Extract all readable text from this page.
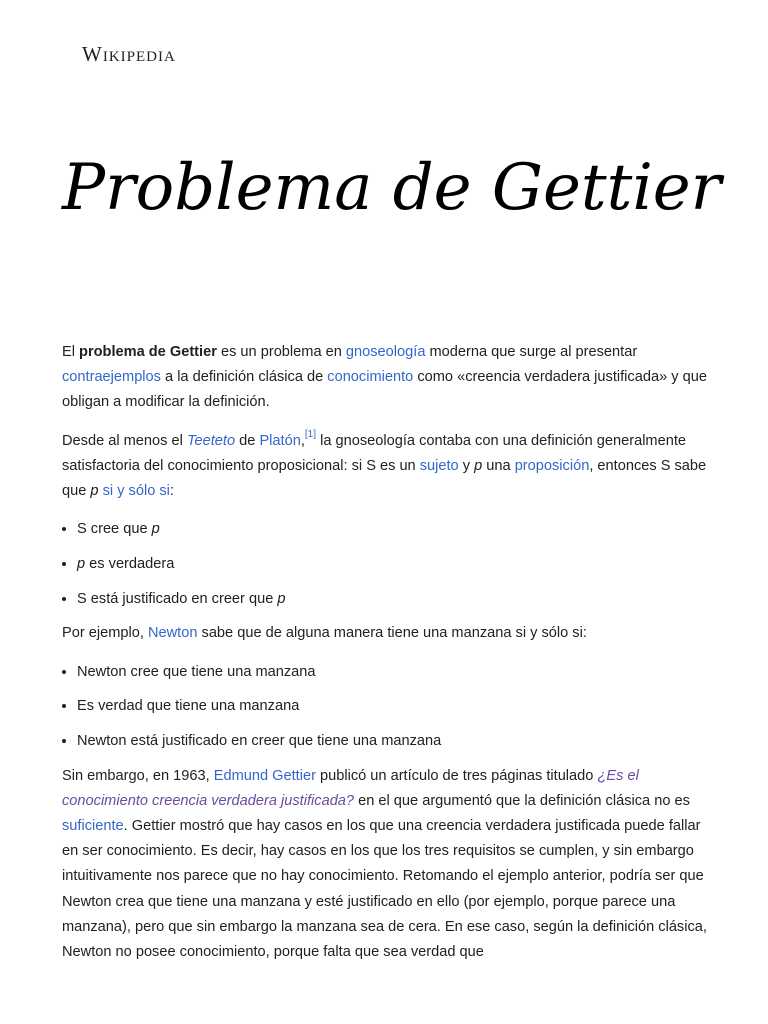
Wikipedia
Problema de Gettier

El problema de Gettier es un problema en gnoseología moderna que surge al presentar contraejemplos a la definición clásica de conocimiento como «creencia verdadera justificada» y que obligan a modificar la definición.

Desde al menos el Teeteto de Platón,[1] la gnoseología contaba con una definición generalmente satisfactoria del conocimiento proposicional: si S es un sujeto y p una proposición, entonces S sabe que p si y sólo si:

• S cree que p
• p es verdadera
• S está justificado en creer que p

Por ejemplo, Newton sabe que de alguna manera tiene una manzana si y sólo si:

• Newton cree que tiene una manzana
• Es verdad que tiene una manzana
• Newton está justificado en creer que tiene una manzana

Sin embargo, en 1963, Edmund Gettier publicó un artículo de tres páginas titulado ¿Es el conocimiento creencia verdadera justificada? en el que argumentó que la definición clásica no es suficiente. Gettier mostró que hay casos en los que una creencia verdadera justificada puede fallar en ser conocimiento. Es decir, hay casos en los que los tres requisitos se cumplen, y sin embargo intuitivamente nos parece que no hay conocimiento. Retomando el ejemplo anterior, podría ser que Newton crea que tiene una manzana y esté justificado en ello (por ejemplo, porque parece una manzana), pero que sin embargo la manzana sea de cera. En ese caso, según la definición clásica, Newton no posee conocimiento, porque falta que sea verdad que
